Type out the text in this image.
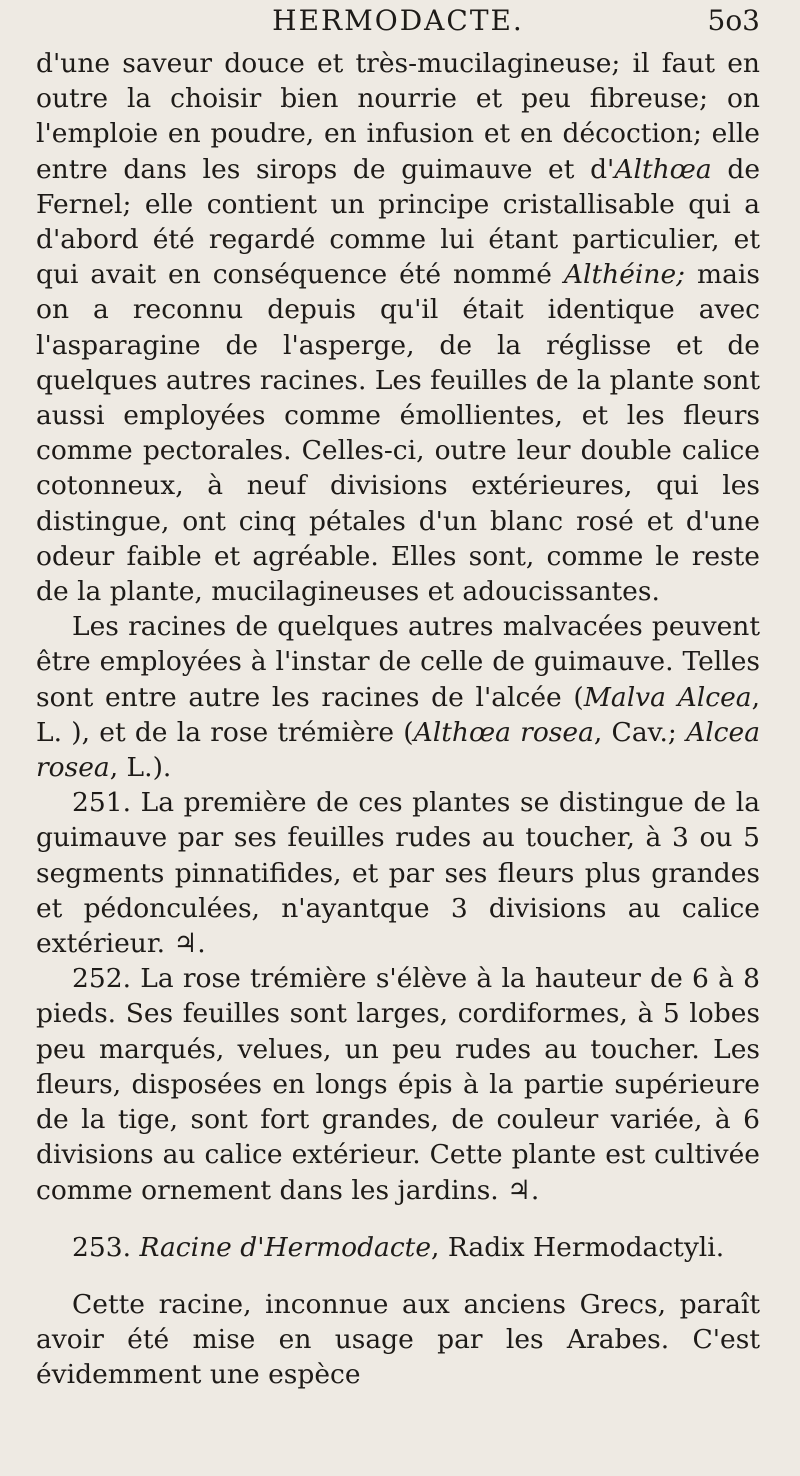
HERMODACTE.	5o3

d'une saveur douce et très-mucilagineuse; il faut en outre la choisir bien nourrie et peu fibreuse; on l'emploie en poudre, en infusion et en décoction; elle entre dans les sirops de guimauve et d'Althœa de Fernel; elle contient un principe cristallisable qui a d'abord été regardé comme lui étant particulier, et qui avait en conséquence été nommé Althéine; mais on a reconnu depuis qu'il était identique avec l'asparagine de l'asperge, de la réglisse et de quelques autres racines. Les feuilles de la plante sont aussi employées comme émollientes, et les fleurs comme pectorales. Celles-ci, outre leur double calice cotonneux, à neuf divisions extérieures, qui les distingue, ont cinq pétales d'un blanc rosé et d'une odeur faible et agréable. Elles sont, comme le reste de la plante, mucilagineuses et adoucissantes.

Les racines de quelques autres malvacées peuvent être employées à l'instar de celle de guimauve. Telles sont entre autre les racines de l'alcée (Malva Alcea, L. ), et de la rose trémière (Althœa rosea, Cav.; Alcea rosea, L.).

251. La première de ces plantes se distingue de la guimauve par ses feuilles rudes au toucher, à 3 ou 5 segments pinnatifides, et par ses fleurs plus grandes et pédonculées, n'ayantque 3 divisions au calice extérieur. ♃.

252. La rose trémière s'élève à la hauteur de 6 à 8 pieds. Ses feuilles sont larges, cordiformes, à 5 lobes peu marqués, velues, un peu rudes au toucher. Les fleurs, disposées en longs épis à la partie supérieure de la tige, sont fort grandes, de couleur variée, à 6 divisions au calice extérieur. Cette plante est cultivée comme ornement dans les jardins. ♃.

253. Racine d'Hermodacte, Radix Hermodactyli.

Cette racine, inconnue aux anciens Grecs, paraît avoir été mise en usage par les Arabes. C'est évidemment une espèce
